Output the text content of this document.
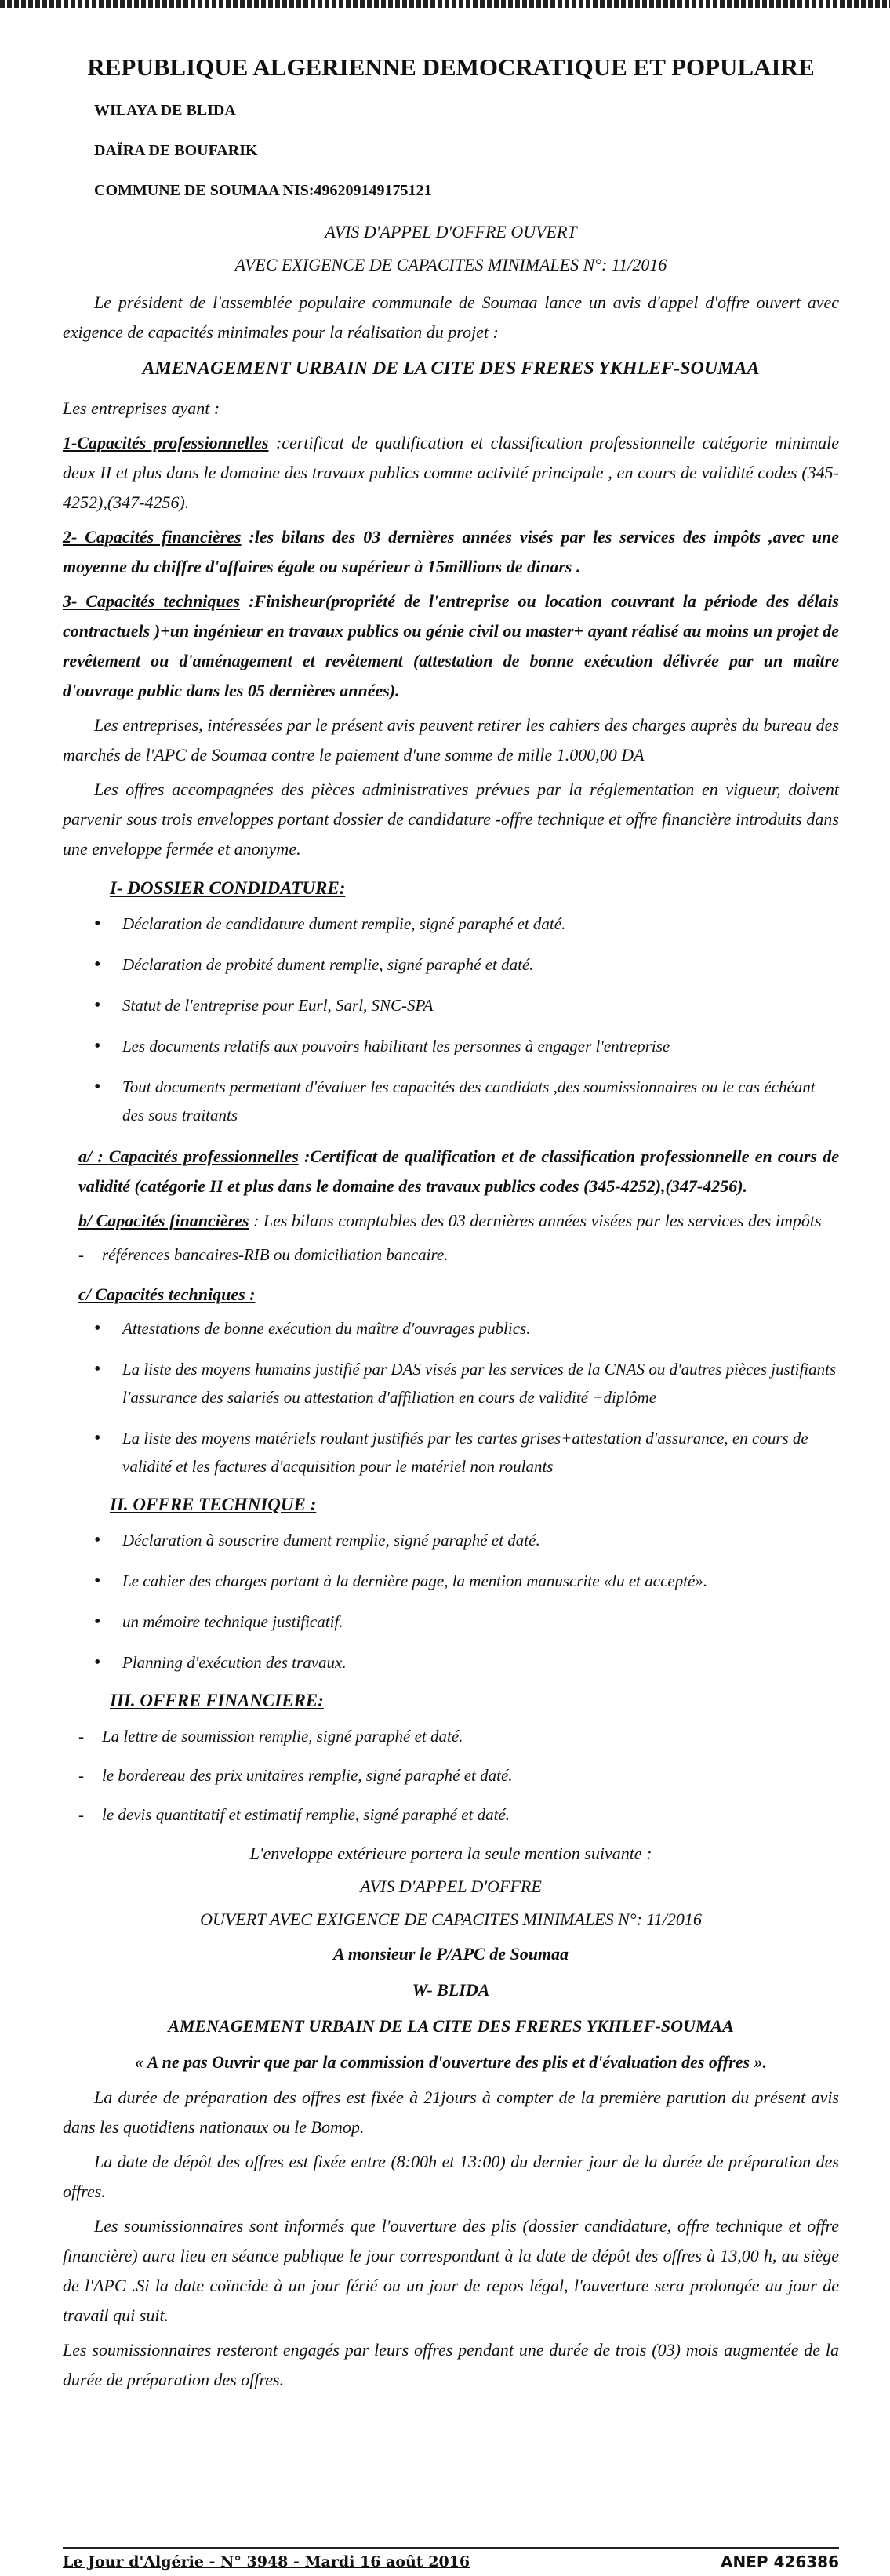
REPUBLIQUE ALGERIENNE DEMOCRATIQUE ET POPULAIRE
WILAYA DE BLIDA
DAÏRA DE BOUFARIK
COMMUNE DE SOUMAA NIS:496209149175121
AVIS D'APPEL D'OFFRE OUVERT
AVEC EXIGENCE DE CAPACITES MINIMALES N°: 11/2016

Le président de l'assemblée populaire communale de Soumaa lance un avis d'appel d'offre ouvert avec exigence de capacités minimales pour la réalisation du projet :

AMENAGEMENT URBAIN DE LA CITE DES FRERES YKHLEF-SOUMAA

Les entreprises ayant :

1-Capacités professionnelles :certificat de qualification et classification professionnelle catégorie minimale deux II et plus dans le domaine des travaux publics comme activité principale , en cours de validité codes (345-4252),(347-4256).

2- Capacités financières :les bilans des 03 dernières années visés par les services des impôts ,avec une moyenne du chiffre d'affaires égale ou supérieur à 15millions de dinars .

3- Capacités techniques :Finisheur(propriété de l'entreprise ou location couvrant la période des délais contractuels )+un ingénieur en travaux publics ou génie civil ou master+ ayant réalisé au moins un projet de revêtement ou d'aménagement et revêtement (attestation de bonne exécution délivrée par un maître d'ouvrage public dans les 05 dernières années).

Les entreprises, intéressées par le présent avis peuvent retirer les cahiers des charges auprès du bureau des marchés de l'APC de Soumaa contre le paiement d'une somme de mille 1.000,00 DA

Les offres accompagnées des pièces administratives prévues par la réglementation en vigueur, doivent parvenir sous trois enveloppes portant dossier de candidature -offre technique et offre financière introduits dans une enveloppe fermée et anonyme.

I- DOSSIER CONDIDATURE:
• Déclaration de candidature dument remplie, signé paraphé et daté.
• Déclaration de probité dument remplie, signé paraphé et daté.
• Statut de l'entreprise pour Eurl, Sarl, SNC-SPA
• Les documents relatifs aux pouvoirs habilitant les personnes à engager l'entreprise
• Tout documents permettant d'évaluer les capacités des candidats ,des soumissionnaires ou le cas échéant des sous traitants

a/ : Capacités professionnelles :Certificat de qualification et de classification professionnelle en cours de validité (catégorie II et plus dans le domaine des travaux publics codes (345-4252),(347-4256).

b/ Capacités financières : Les bilans comptables des 03 dernières années visées par les services des impôts

- références bancaires-RIB ou domiciliation bancaire.

c/ Capacités techniques :

• Attestations de bonne exécution du maître d'ouvrages publics.
• La liste des moyens humains justifié par DAS visés par les services de la CNAS ou d'autres pièces justifiants l'assurance des salariés ou attestation d'affiliation en cours de validité +diplôme
• La liste des moyens matériels roulant justifiés par les cartes grises+attestation d'assurance, en cours de validité et les factures d'acquisition pour le matériel non roulants
II. OFFRE TECHNIQUE :
• Déclaration à souscrire dument remplie, signé paraphé et daté.
• Le cahier des charges portant à la dernière page, la mention manuscrite «lu et accepté».
• un mémoire technique justificatif.
• Planning d'exécution des travaux.
III. OFFRE FINANCIERE:
- La lettre de soumission remplie, signé paraphé et daté.
- le bordereau des prix unitaires remplie, signé paraphé et daté.
- le devis quantitatif et estimatif remplie, signé paraphé et daté.
L'enveloppe extérieure portera la seule mention suivante :
AVIS D'APPEL D'OFFRE
OUVERT AVEC EXIGENCE DE CAPACITES MINIMALES N°: 11/2016
A monsieur le P/APC de Soumaa
W- BLIDA
AMENAGEMENT URBAIN DE LA CITE DES FRERES YKHLEF-SOUMAA
« A ne pas Ouvrir que par la commission d'ouverture des plis et d'évaluation des offres ».

La durée de préparation des offres est fixée à 21jours à compter de la première parution du présent avis dans les quotidiens nationaux ou le Bomop.

La date de dépôt des offres est fixée entre (8:00h et 13:00) du dernier jour de la durée de préparation des offres.

Les soumissionnaires sont informés que l'ouverture des plis (dossier candidature, offre technique et offre financière) aura lieu en séance publique le jour correspondant à la date de dépôt des offres à 13,00 h, au siège de l'APC .Si la date coïncide à un jour férié ou un jour de repos légal, l'ouverture sera prolongée au jour de travail qui suit.

Les soumissionnaires resteront engagés par leurs offres pendant une durée de trois (03) mois augmentée de la durée de préparation des offres.

Le Jour d'Algérie - N° 3948 - Mardi 16 août 2016	ANEP 426386
